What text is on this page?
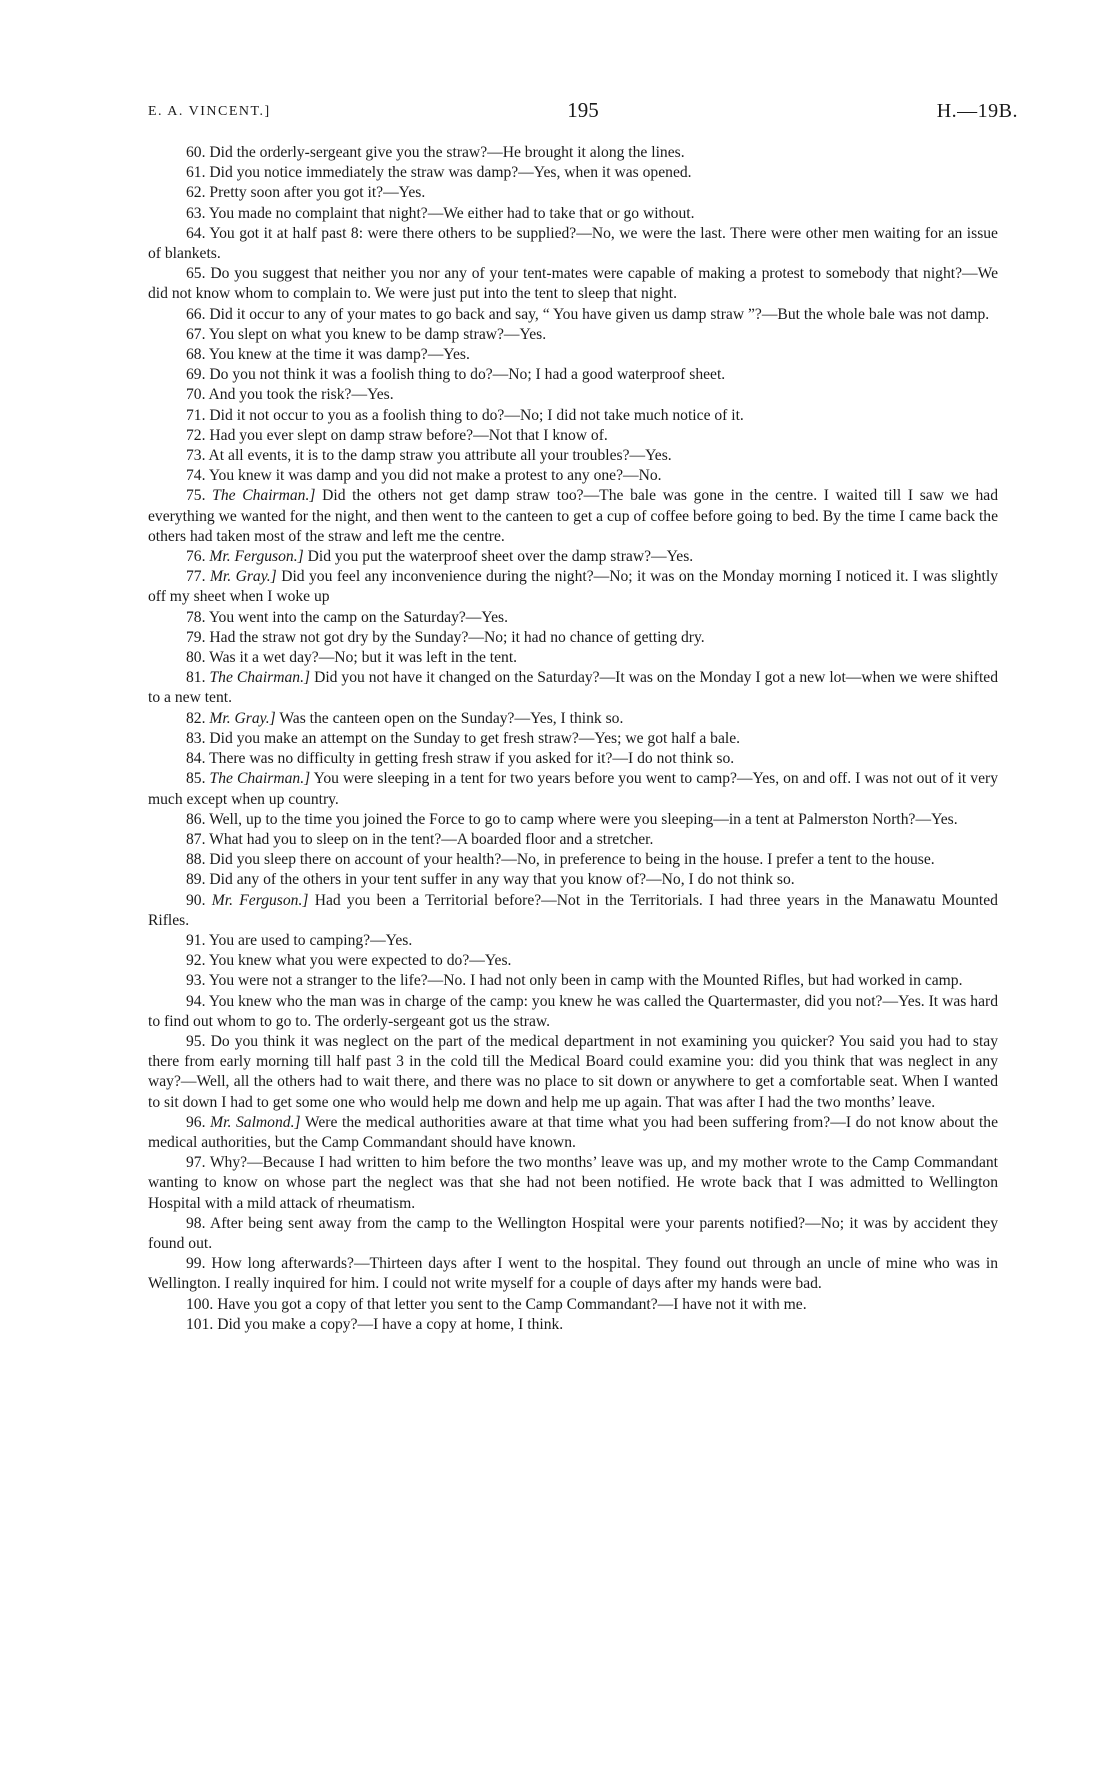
E. A. VINCENT.]	195	H.—19B.

60. Did the orderly-sergeant give you the straw?—He brought it along the lines.

61. Did you notice immediately the straw was damp?—Yes, when it was opened.

62. Pretty soon after you got it?—Yes.

63. You made no complaint that night?—We either had to take that or go without.

64. You got it at half past 8: were there others to be supplied?—No, we were the last. There were other men waiting for an issue of blankets.

65. Do you suggest that neither you nor any of your tent-mates were capable of making a protest to somebody that night?—We did not know whom to complain to. We were just put into the tent to sleep that night.

66. Did it occur to any of your mates to go back and say, “ You have given us damp straw ”?—But the whole bale was not damp.

67. You slept on what you knew to be damp straw?—Yes.

68. You knew at the time it was damp?—Yes.

69. Do you not think it was a foolish thing to do?—No; I had a good waterproof sheet.

70. And you took the risk?—Yes.

71. Did it not occur to you as a foolish thing to do?—No; I did not take much notice of it.

72. Had you ever slept on damp straw before?—Not that I know of.

73. At all events, it is to the damp straw you attribute all your troubles?—Yes.

74. You knew it was damp and you did not make a protest to any one?—No.

75. The Chairman.] Did the others not get damp straw too?—The bale was gone in the centre. I waited till I saw we had everything we wanted for the night, and then went to the canteen to get a cup of coffee before going to bed. By the time I came back the others had taken most of the straw and left me the centre.

76. Mr. Ferguson.] Did you put the waterproof sheet over the damp straw?—Yes.

77. Mr. Gray.] Did you feel any inconvenience during the night?—No; it was on the Monday morning I noticed it. I was slightly off my sheet when I woke up

78. You went into the camp on the Saturday?—Yes.

79. Had the straw not got dry by the Sunday?—No; it had no chance of getting dry.

80. Was it a wet day?—No; but it was left in the tent.

81. The Chairman.] Did you not have it changed on the Saturday?—It was on the Monday I got a new lot—when we were shifted to a new tent.

82. Mr. Gray.] Was the canteen open on the Sunday?—Yes, I think so.

83. Did you make an attempt on the Sunday to get fresh straw?—Yes; we got half a bale.

84. There was no difficulty in getting fresh straw if you asked for it?—I do not think so.

85. The Chairman.] You were sleeping in a tent for two years before you went to camp?—Yes, on and off. I was not out of it very much except when up country.

86. Well, up to the time you joined the Force to go to camp where were you sleeping—in a tent at Palmerston North?—Yes.

87. What had you to sleep on in the tent?—A boarded floor and a stretcher.

88. Did you sleep there on account of your health?—No, in preference to being in the house. I prefer a tent to the house.

89. Did any of the others in your tent suffer in any way that you know of?—No, I do not think so.

90. Mr. Ferguson.] Had you been a Territorial before?—Not in the Territorials. I had three years in the Manawatu Mounted Rifles.

91. You are used to camping?—Yes.

92. You knew what you were expected to do?—Yes.

93. You were not a stranger to the life?—No. I had not only been in camp with the Mounted Rifles, but had worked in camp.

94. You knew who the man was in charge of the camp: you knew he was called the Quartermaster, did you not?—Yes. It was hard to find out whom to go to. The orderly-sergeant got us the straw.

95. Do you think it was neglect on the part of the medical department in not examining you quicker? You said you had to stay there from early morning till half past 3 in the cold till the Medical Board could examine you: did you think that was neglect in any way?—Well, all the others had to wait there, and there was no place to sit down or anywhere to get a comfortable seat. When I wanted to sit down I had to get some one who would help me down and help me up again. That was after I had the two months’ leave.

96. Mr. Salmond.] Were the medical authorities aware at that time what you had been suffering from?—I do not know about the medical authorities, but the Camp Commandant should have known.

97. Why?—Because I had written to him before the two months’ leave was up, and my mother wrote to the Camp Commandant wanting to know on whose part the neglect was that she had not been notified. He wrote back that I was admitted to Wellington Hospital with a mild attack of rheumatism.

98. After being sent away from the camp to the Wellington Hospital were your parents notified?—No; it was by accident they found out.

99. How long afterwards?—Thirteen days after I went to the hospital. They found out through an uncle of mine who was in Wellington. I really inquired for him. I could not write myself for a couple of days after my hands were bad.

100. Have you got a copy of that letter you sent to the Camp Commandant?—I have not it with me.

101. Did you make a copy?—I have a copy at home, I think.
